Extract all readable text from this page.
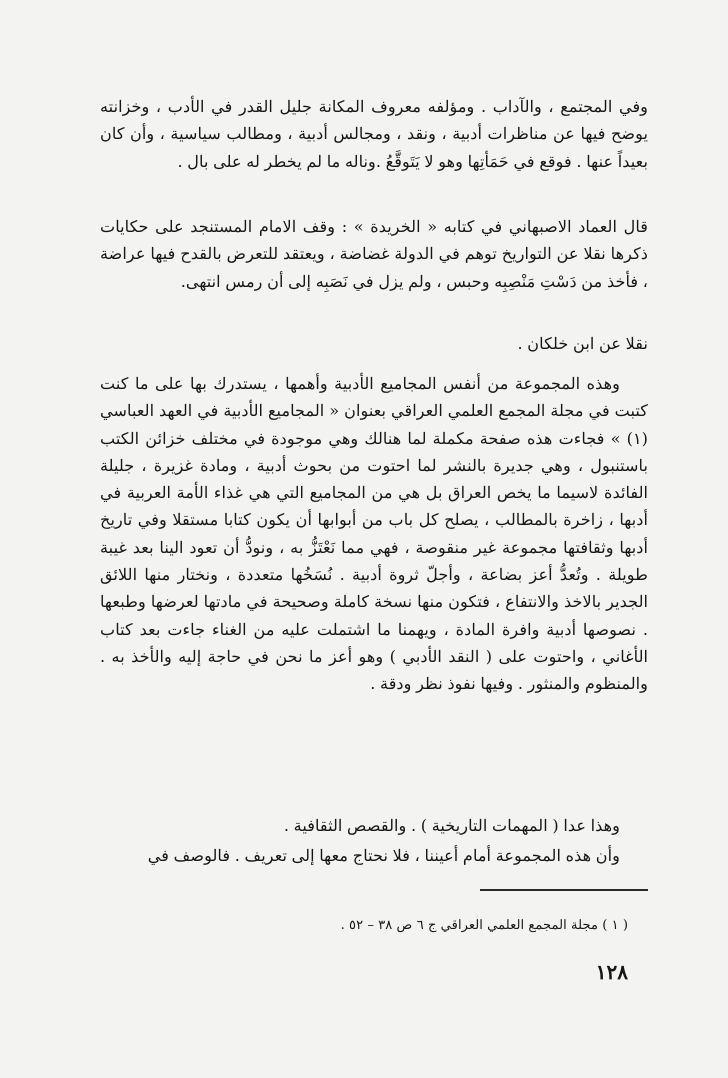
وفي المجتمع ، والآداب . ومؤلفه معروف المكانة جليل القدر في الأدب ، وخزانته يوضح فيها عن مناظرات أدبية ، ونقد ، ومجالس أدبية ، ومطالب سياسية ، وأن كان بعيداً عنها . فوقع في حَمَأتِها وهو لا يَتَوقَّعُ .وناله ما لم يخطر له على بال .

قال العماد الاصبهاني في كتابه « الخريدة » : وقف الامام المستنجد على حكايات ذكرها نقلا عن التواريخ توهم في الدولة غضاضة ، ويعتقد للتعرض بالقدح فيها عراضة ، فأخذ من دَسْتِ مَنْصِبِه وحبس ، ولم يزل في نَصَبِه إلى أن رمس انتهى.

نقلا عن ابن خلكان .

وهذه المجموعة من أنفس المجاميع الأدبية وأهمها ، يستدرك بها على ما كنت كتبت في مجلة المجمع العلمي العراقي بعنوان « المجاميع الأدبية في العهد العباسي (١) » فجاءت هذه صفحة مكملة لما هنالك وهي موجودة في مختلف خزائن الكتب باستنبول ، وهي جديرة بالنشر لما احتوت من بحوث أدبية ، ومادة غزيرة ، جليلة الفائدة لاسيما ما يخص العراق بل هي من المجاميع التي هي غذاء الأمة العربية في أدبها ، زاخرة بالمطالب ، يصلح كل باب من أبوابها أن يكون كتابا مستقلا وفي تاريخ أدبها وثقافتها مجموعة غير منقوصة ، فهي مما نَعْتَزُّ به ، ونودُّ أن تعود الينا بعد غيبة طويلة . وتُعدُّ أعز بضاعة ، وأجلّ ثروة أدبية . نُسَخُها متعددة ، ونختار منها اللائق الجدير بالاخذ والانتفاع ، فتكون منها نسخة كاملة وصحيحة في مادتها لعرضها وطبعها . نصوصها أدبية وافرة المادة ، ويهمنا ما اشتملت عليه من الغناء جاءت بعد كتاب الأغاني ، واحتوت على ( النقد الأدبي ) وهو أعز ما نحن في حاجة إليه والأخذ به . والمنظوم والمنثور . وفيها نفوذ نظر ودقة .

وهذا عدا ( المهمات التاريخية ) . والقصص الثقافية .

وأن هذه المجموعة أمام أعيننا ، فلا نحتاج معها إلى تعريف . فالوصف في

( ١ ) مجلة المجمع العلمي العراقي ج ٦ ص ٣٨ – ٥٢ .

١٢٨
